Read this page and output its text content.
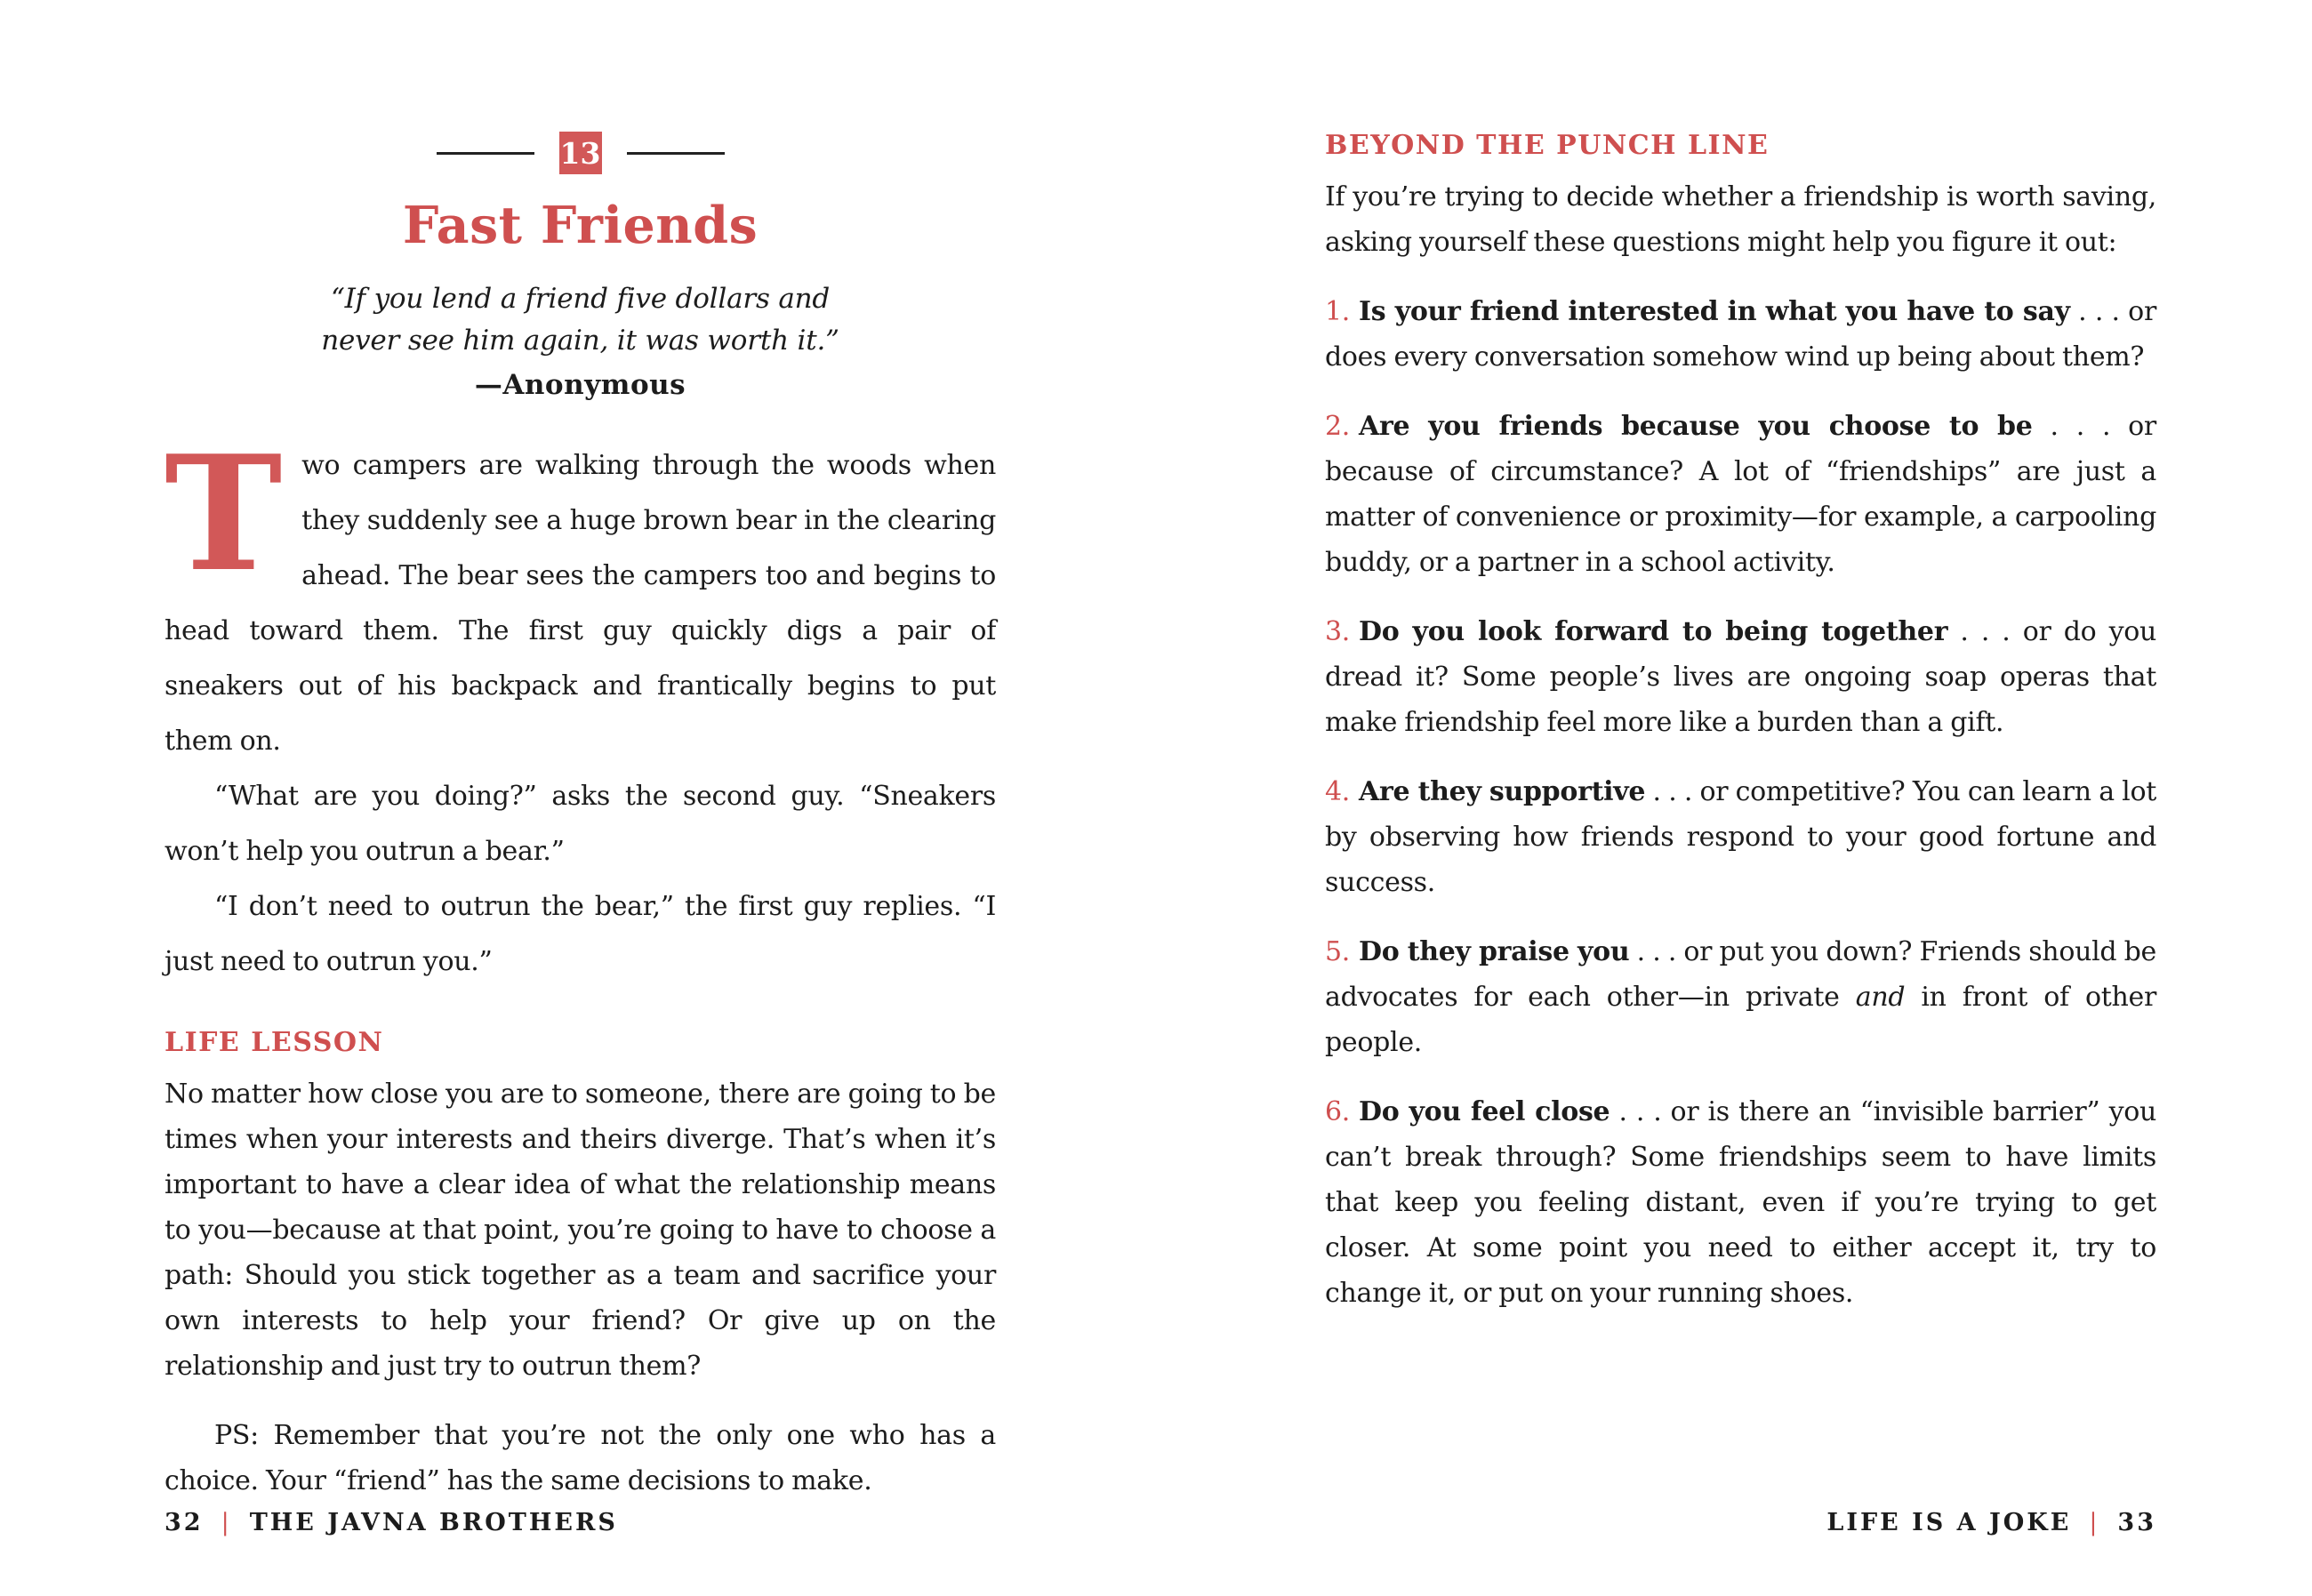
13
Fast Friends
“If you lend a friend five dollars and
never see him again, it was worth it.”
—Anonymous

Two campers are walking through the woods when they suddenly see a huge brown bear in the clearing ahead. The bear sees the campers too and begins to head toward them. The first guy quickly digs a pair of sneakers out of his backpack and frantically begins to put them on.

“What are you doing?” asks the second guy. “Sneakers won’t help you outrun a bear.”

“I don’t need to outrun the bear,” the first guy replies. “I just need to outrun you.”

LIFE LESSON

No matter how close you are to someone, there are going to be times when your interests and theirs diverge. That’s when it’s important to have a clear idea of what the relationship means to you—because at that point, you’re going to have to choose a path: Should you stick together as a team and sacrifice your own interests to help your friend? Or give up on the relationship and just try to outrun them?

PS: Remember that you’re not the only one who has a choice. Your “friend” has the same decisions to make.

BEYOND THE PUNCH LINE

If you’re trying to decide whether a friendship is worth saving, asking yourself these questions might help you figure it out:

1. Is your friend interested in what you have to say . . . or does every conversation somehow wind up being about them?

2. Are you friends because you choose to be . . . or because of circumstance? A lot of “friendships” are just a matter of convenience or proximity—for example, a carpooling buddy, or a partner in a school activity.

3. Do you look forward to being together . . . or do you dread it? Some people’s lives are ongoing soap operas that make friendship feel more like a burden than a gift.

4. Are they supportive . . . or competitive? You can learn a lot by observing how friends respond to your good fortune and success.

5. Do they praise you . . . or put you down? Friends should be advocates for each other—in private and in front of other people.

6. Do you feel close . . . or is there an “invisible barrier” you can’t break through? Some friendships seem to have limits that keep you feeling distant, even if you’re trying to get closer. At some point you need to either accept it, try to change it, or put on your running shoes.

32 | THE JAVNA BROTHERS	LIFE IS A JOKE | 33
